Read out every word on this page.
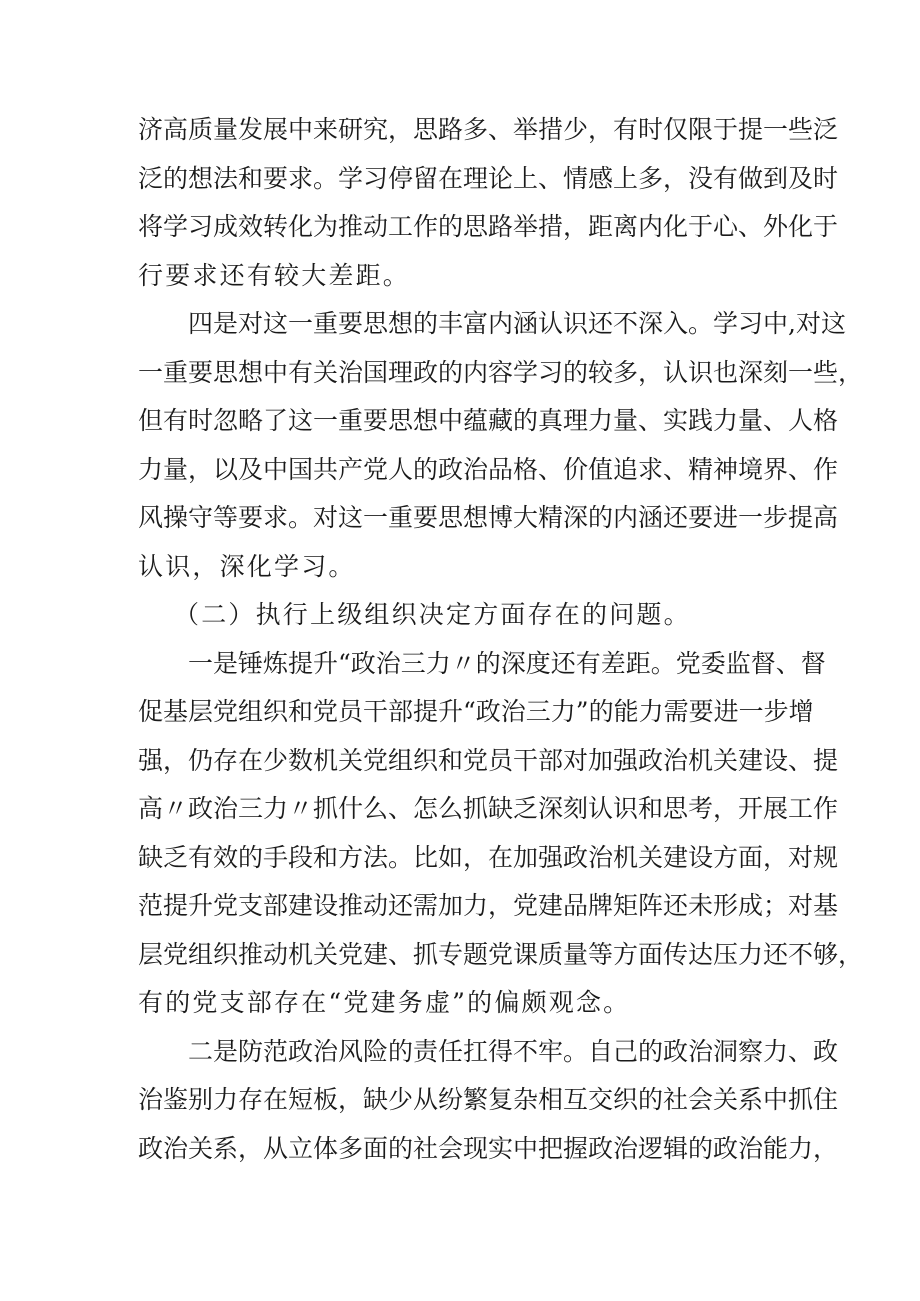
济高质量发展中来研究，思路多、举措少，有时仅限于提一些泛
泛的想法和要求。学习停留在理论上、情感上多，没有做到及时
将学习成效转化为推动工作的思路举措，距离内化于心、外化于
行要求还有较大差距。
四是对这一重要思想的丰富内涵认识还不深入。学习中,对这
一重要思想中有关治国理政的内容学习的较多，认识也深刻一些，
但有时忽略了这一重要思想中蕴藏的真理力量、实践力量、人格
力量，以及中国共产党人的政治品格、价值追求、精神境界、作
风操守等要求。对这一重要思想博大精深的内涵还要进一步提高
认识，深化学习。
（二）执行上级组织决定方面存在的问题。
一是锤炼提升“政治三力〃的深度还有差距。党委监督、督
促基层党组织和党员干部提升“政治三力”的能力需要进一步增
强，仍存在少数机关党组织和党员干部对加强政治机关建设、提
高〃政治三力〃抓什么、怎么抓缺乏深刻认识和思考，开展工作
缺乏有效的手段和方法。比如，在加强政治机关建设方面，对规
范提升党支部建设推动还需加力，党建品牌矩阵还未形成；对基
层党组织推动机关党建、抓专题党课质量等方面传达压力还不够，
有的党支部存在“党建务虚”的偏颇观念。
二是防范政治风险的责任扛得不牢。自己的政治洞察力、政
治鉴别力存在短板，缺少从纷繁复杂相互交织的社会关系中抓住
政治关系，从立体多面的社会现实中把握政治逻辑的政治能力，
